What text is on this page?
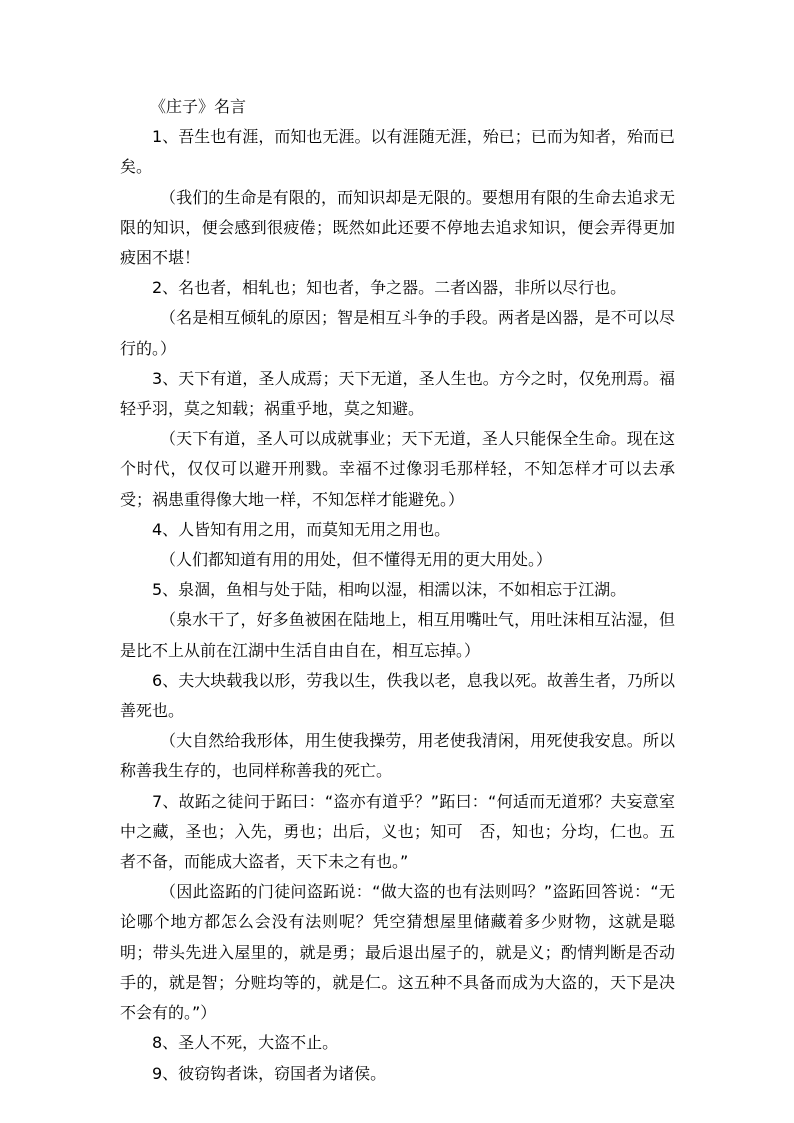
《庄子》名言

1、吾生也有涯，而知也无涯。以有涯随无涯，殆已；已而为知者，殆而已矣。

（我们的生命是有限的，而知识却是无限的。要想用有限的生命去追求无限的知识，便会感到很疲倦；既然如此还要不停地去追求知识，便会弄得更加疲困不堪！

2、名也者，相轧也；知也者，争之器。二者凶器，非所以尽行也。

（名是相互倾轧的原因；智是相互斗争的手段。两者是凶器，是不可以尽行的。）

3、天下有道，圣人成焉；天下无道，圣人生也。方今之时，仅免刑焉。福轻乎羽，莫之知载；祸重乎地，莫之知避。

（天下有道，圣人可以成就事业；天下无道，圣人只能保全生命。现在这个时代，仅仅可以避开刑戮。幸福不过像羽毛那样轻，不知怎样才可以去承受；祸患重得像大地一样，不知怎样才能避免。）

4、人皆知有用之用，而莫知无用之用也。

（人们都知道有用的用处，但不懂得无用的更大用处。）

5、泉涸，鱼相与处于陆，相呴以湿，相濡以沫，不如相忘于江湖。

（泉水干了，好多鱼被困在陆地上，相互用嘴吐气，用吐沫相互沾湿，但是比不上从前在江湖中生活自由自在，相互忘掉。）

6、夫大块载我以形，劳我以生，佚我以老，息我以死。故善生者，乃所以善死也。

（大自然给我形体，用生使我操劳，用老使我清闲，用死使我安息。所以称善我生存的，也同样称善我的死亡。

7、故跖之徒问于跖曰：“盗亦有道乎？”跖曰：“何适而无道邪？夫妄意室中之藏，圣也；入先，勇也；出后，义也；知可　否，知也；分均，仁也。五者不备，而能成大盗者，天下未之有也。”

（因此盗跖的门徒问盗跖说：“做大盗的也有法则吗？”盗跖回答说：“无论哪个地方都怎么会没有法则呢？凭空猜想屋里储藏着多少财物，这就是聪明；带头先进入屋里的，就是勇；最后退出屋子的，就是义；酌情判断是否动手的，就是智；分赃均等的，就是仁。这五种不具备而成为大盗的，天下是决不会有的。”）

8、圣人不死，大盗不止。

9、彼窃钩者诛，窃国者为诸侯。
